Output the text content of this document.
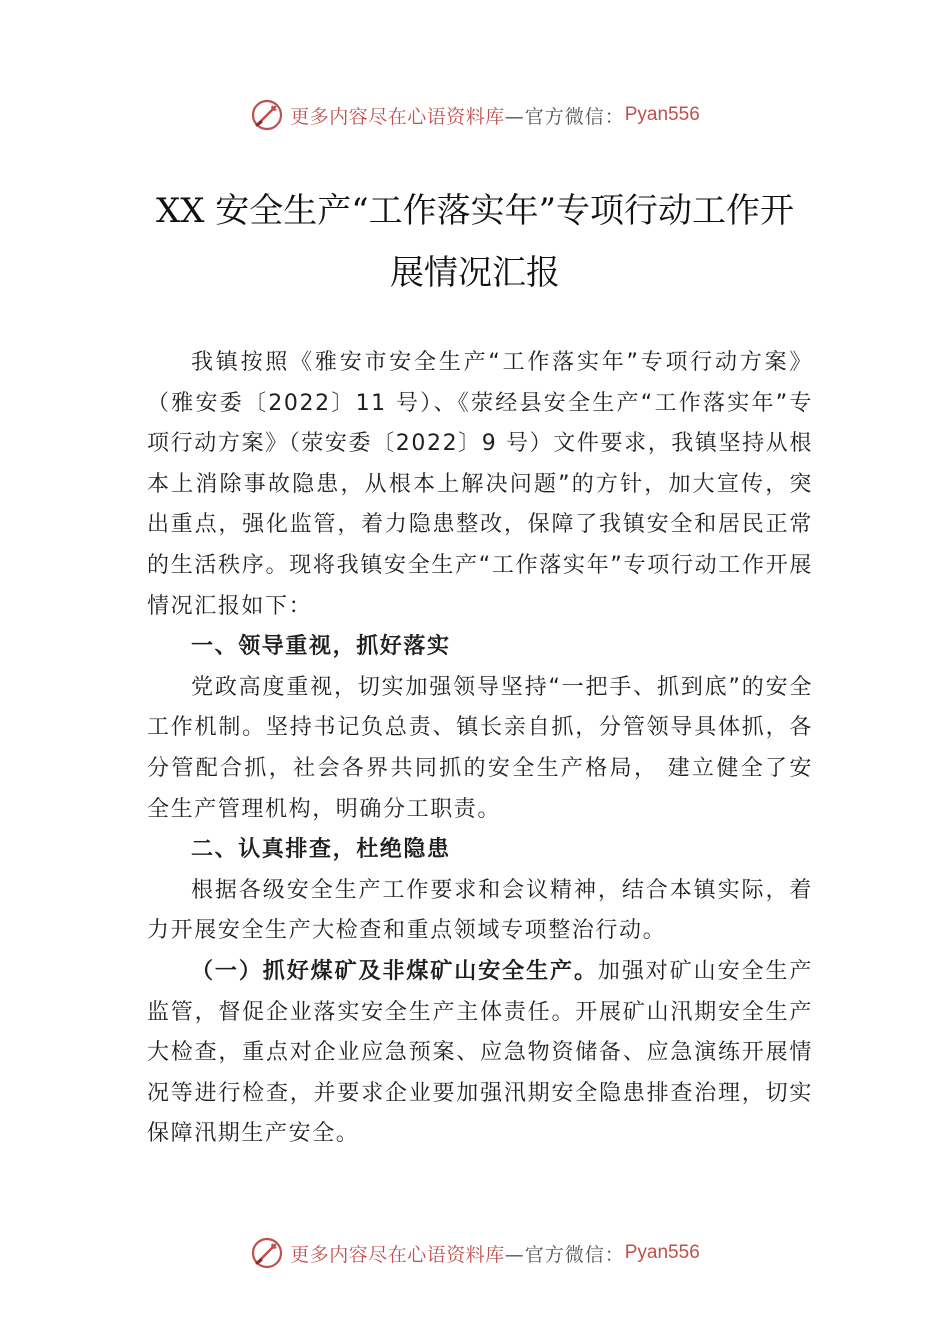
更多内容尽在心语资料库 —官方微信： Pyan556
XX 安全生产“工作落实年”专项行动工作开
展情况汇报

我镇按照《雅安市安全生产“工作落实年”专项行动方案》（雅安委〔2022〕11 号）、《荥经县安全生产“工作落实年”专项行动方案》（荥安委〔2022〕9 号）文件要求，我镇坚持从根本上消除事故隐患，从根本上解决问题”的方针，加大宣传，突出重点，强化监管，着力隐患整改，保障了我镇安全和居民正常的生活秩序。现将我镇安全生产“工作落实年”专项行动工作开展情况汇报如下：

一、领导重视，抓好落实

党政高度重视，切实加强领导坚持“一把手、抓到底”的安全工作机制。坚持书记负总责、镇长亲自抓，分管领导具体抓，各分管配合抓，社会各界共同抓的安全生产格局， 建立健全了安全生产管理机构，明确分工职责。

二、认真排查，杜绝隐患

根据各级安全生产工作要求和会议精神，结合本镇实际，着力开展安全生产大检查和重点领域专项整治行动。

（一）抓好煤矿及非煤矿山安全生产。加强对矿山安全生产监管，督促企业落实安全生产主体责任。开展矿山汛期安全生产大检查，重点对企业应急预案、应急物资储备、应急演练开展情况等进行检查，并要求企业要加强汛期安全隐患排查治理，切实保障汛期生产安全。

更多内容尽在心语资料库 —官方微信： Pyan556
